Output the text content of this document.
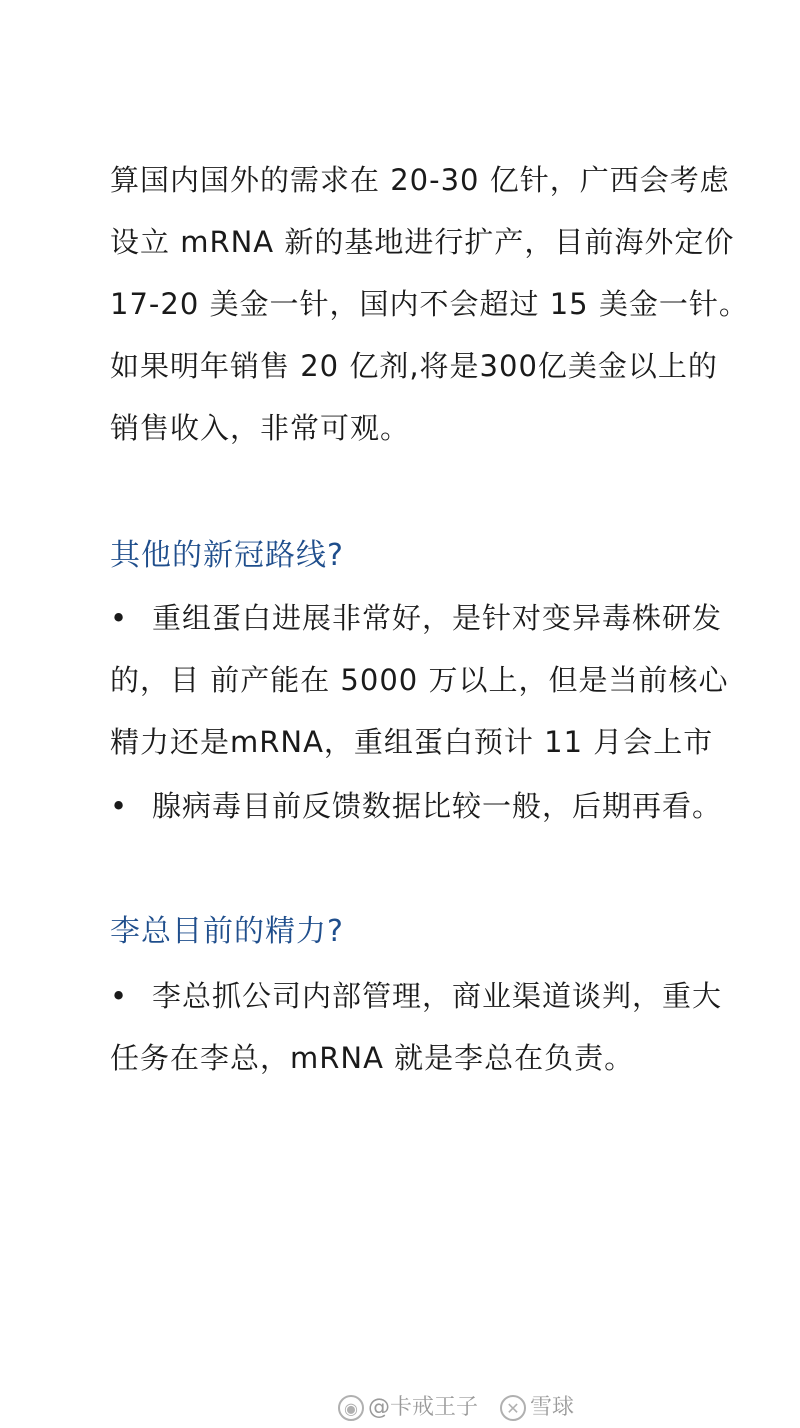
算国内国外的需求在 20-30 亿针，广西会考虑
设立 mRNA 新的基地进行扩产，目前海外定价
17-20 美金一针，国内不会超过 15 美金一针。
如果明年销售 20 亿剂,将是300亿美金以上的
销售收入，非常可观。
其他的新冠路线?
• 重组蛋白进展非常好，是针对变异毒株研发
的，目 前产能在 5000 万以上，但是当前核心
精力还是mRNA，重组蛋白预计 11 月会上市
• 腺病毒目前反馈数据比较一般，后期再看。
李总目前的精力?
• 李总抓公司内部管理，商业渠道谈判，重大
任务在李总，mRNA 就是李总在负责。
◉ @卡戒王子	✕ 雪球
